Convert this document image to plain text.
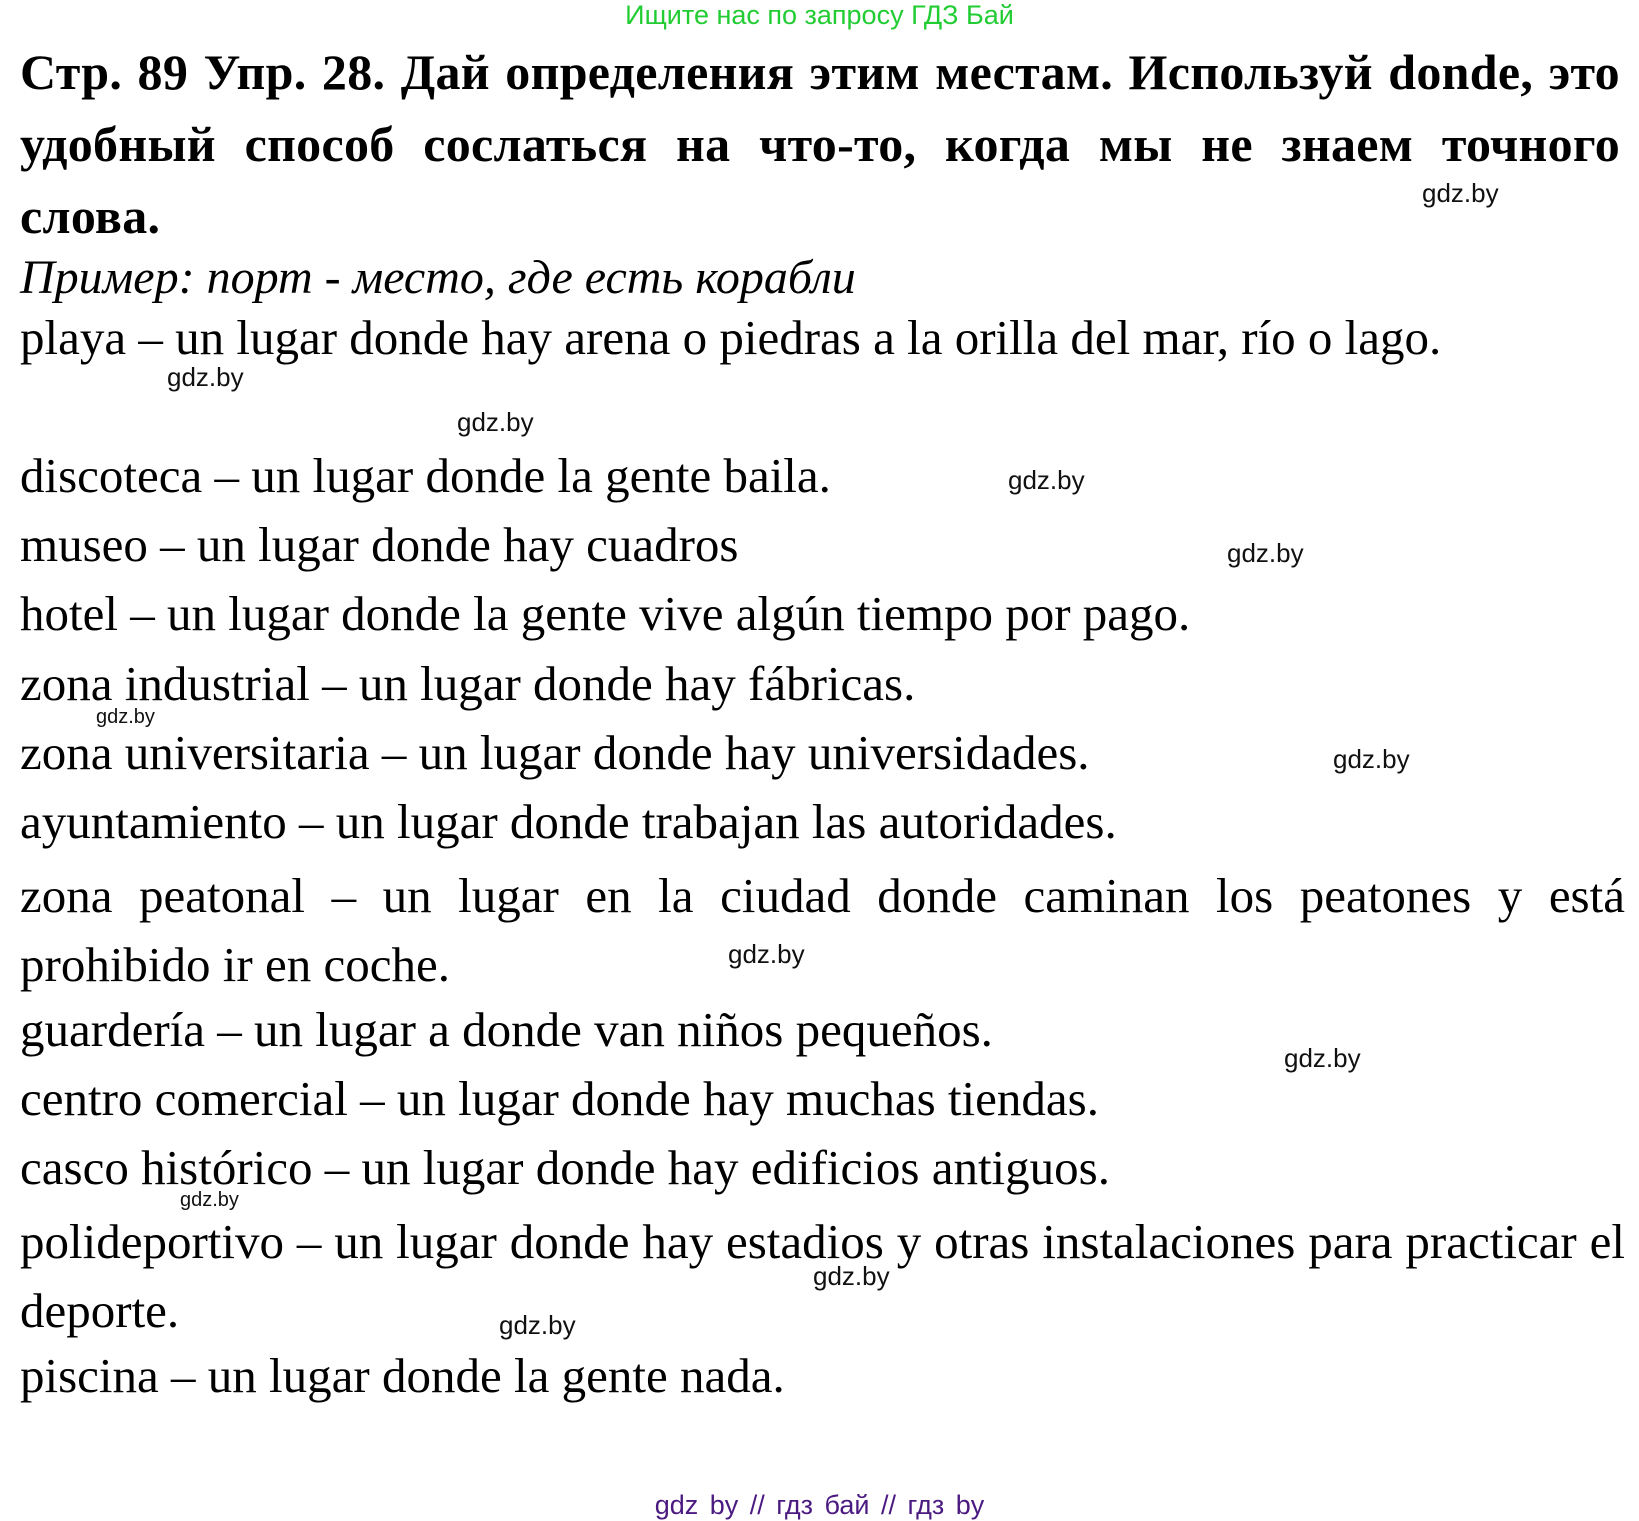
Ищите нас по запросу ГДЗ Бай
Стр. 89 Упр. 28. Дай определения этим местам. Используй donde, это удобный способ сослаться на что-то, когда мы не знаем точного слова.
Пример: порт - место, где есть корабли
playa – un lugar donde hay arena o piedras a la orilla del mar, río o lago.
discoteca – un lugar donde la gente baila.
museo – un lugar donde hay cuadros
hotel – un lugar donde la gente vive algún tiempo por pago.
zona industrial – un lugar donde hay fábricas.
zona universitaria – un lugar donde hay universidades.
ayuntamiento – un lugar donde trabajan las autoridades.
zona peatonal – un lugar en la ciudad donde caminan los peatones y está prohibido ir en coche.
guardería – un lugar a donde van niños pequeños.
centro comercial – un lugar donde hay muchas tiendas.
casco histórico – un lugar donde hay edificios antiguos.
polideportivo – un lugar donde hay estadios y otras instalaciones para practicar el deporte.
piscina – un lugar donde la gente nada.
gdz.by
gdz.by
gdz.by
gdz.by
gdz.by
gdz.by
gdz.by
gdz.by
gdz.by
gdz.by
gdz.by
gdz.by
gdz by // гдз бай // гдз by
